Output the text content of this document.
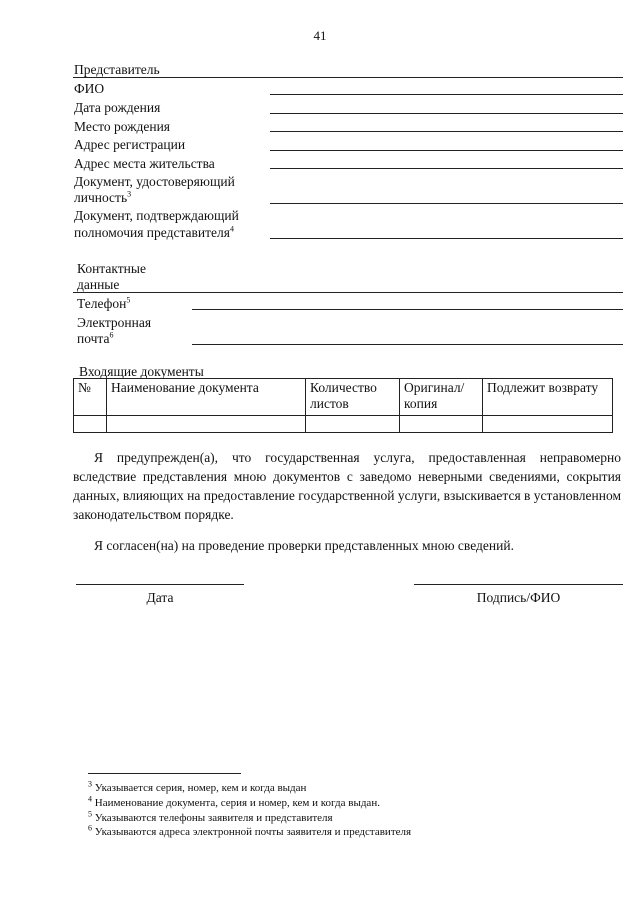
41
Представитель
ФИО
Дата рождения
Место рождения
Адрес регистрации
Адрес места жительства
Документ, удостоверяющий
личность$^3$
Документ, подтверждающий
полномочия представителя$^4$
Контактные
данные
Телефон$^5$
Электронная
почта$^6$
Входящие документы
№	Наименование документа	Количество листов	Оригинал/ копия	Подлежит возврату

Я предупрежден(а), что государственная услуга, предоставленная неправомерно вследствие представления мною документов с заведомо неверными сведениями, сокрытия данных, влияющих на предоставление государственной услуги, взыскивается в установленном законодательством порядке.
Я согласен(на) на проведение проверки представленных мною сведений.
Дата	Подпись/ФИО
$^3$ Указывается серия, номер, кем и когда выдан
$^4$ Наименование документа, серия и номер, кем и когда выдан.
$^5$ Указываются телефоны заявителя и представителя
$^6$ Указываются адреса электронной почты заявителя и представителя
